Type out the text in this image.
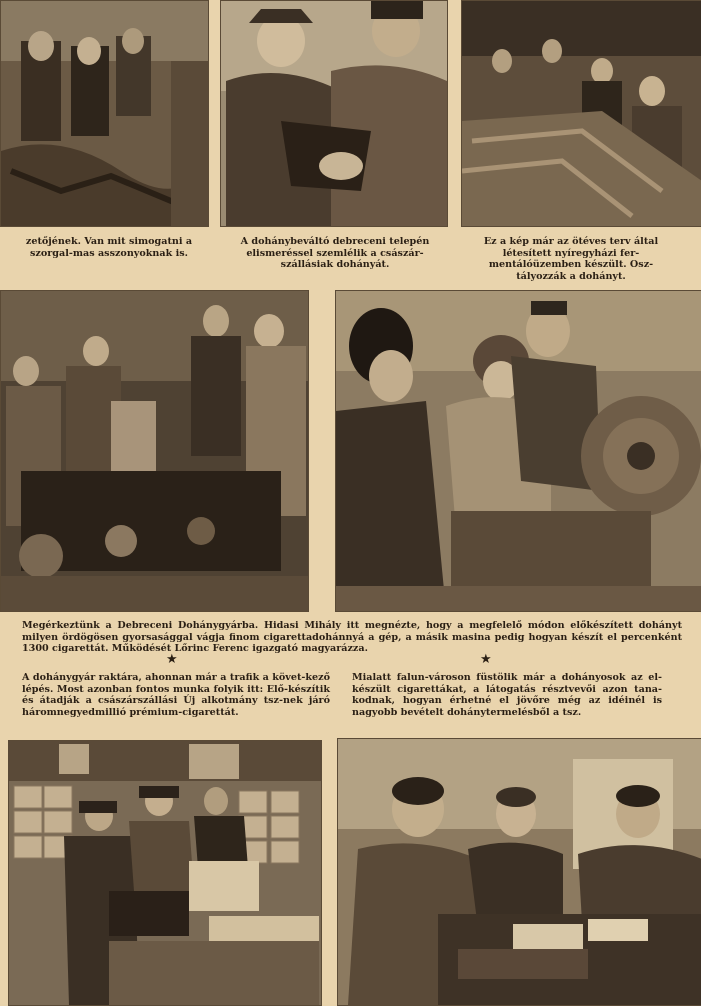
zetőjének. Van mit simogatni a szorgal-mas asszonyoknak is.
A dohánybeváltó debreceni telepén elismeréssel szemlélik a császár-szállásiak dohányát.
Ez a kép már az ötéves terv által létesített nyíregyházi fer-mentálóüzemben készült. Osz-tályozzák a dohányt.
Megérkeztünk a Debreceni Dohánygyárba. Hidasi Mihály itt megnézte, hogy a megfelelő módon előkészített dohányt milyen ördögösen gyorsasággal vágja finom cigarettadohánnyá a gép, a másik masina pedig hogyan készít el percenként 1300 cigarettát. Működését Lőrinc Ferenc igazgató magyarázza.
★	★
A dohánygyár raktára, ahonnan már a trafik a követ-kező lépés. Most azonban fontos munka folyik itt: Elő-készítik és átadják a császárszállási Új alkotmány tsz-nek járó háromnegyedmillió prémium-cigarettát.
Mialatt falun-városon füstölik már a dohányosok az el-készült cigarettákat, a látogatás résztvevői azon tana-kodnak, hogyan érhetné el jövőre még az idéinél is nagyobb bevételt dohánytermelésből a tsz.
